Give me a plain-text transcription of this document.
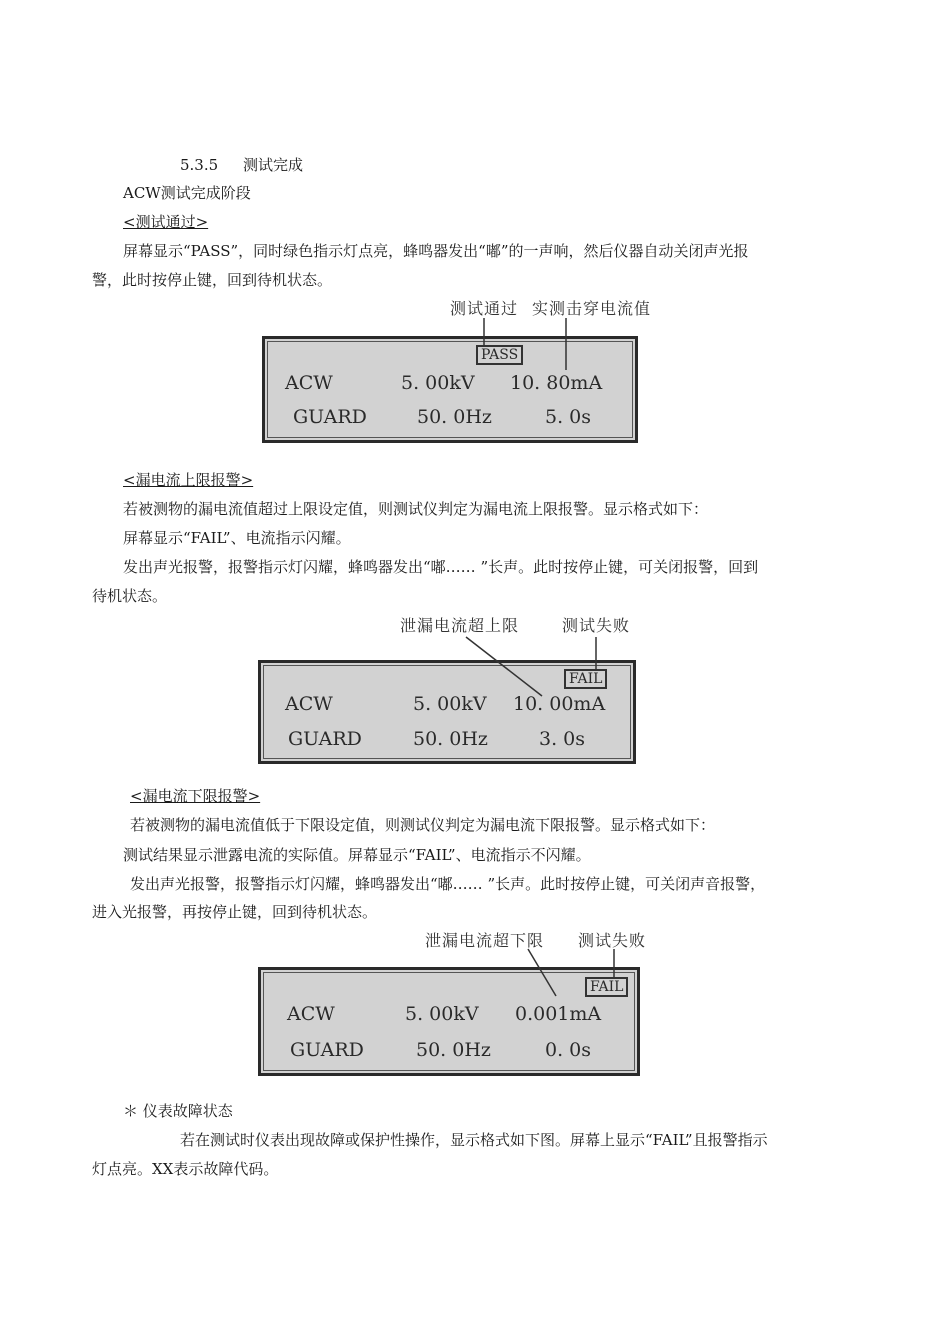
5.3.5 测试完成
ACW测试完成阶段
<测试通过>
屏幕显示“PASS”，同时绿色指示灯点亮，蜂鸣器发出“嘟”的一声响，然后仪器自动关闭声光报
警，此时按停止键，回到待机状态。
测试通过 实测击穿电流值
PASS
ACW	5. 00kV 10. 80mA
GUARD	50. 0Hz	5. 0s
<漏电流上限报警>
若被测物的漏电流值超过上限设定值，则测试仪判定为漏电流上限报警。显示格式如下：
屏幕显示“FAIL”、电流指示闪耀。
发出声光报警，报警指示灯闪耀，蜂鸣器发出“嘟…… ”长声。此时按停止键，可关闭报警，回到
待机状态。
泄漏电流超上限	测试失败
FAIL
ACW	5. 00kV 10. 00mA
GUARD	50. 0Hz	3. 0s
<漏电流下限报警>
若被测物的漏电流值低于下限设定值，则测试仪判定为漏电流下限报警。显示格式如下：
测试结果显示泄露电流的实际值。屏幕显示“FAIL”、电流指示不闪耀。
发出声光报警，报警指示灯闪耀，蜂鸣器发出“嘟…… ”长声。此时按停止键，可关闭声音报警，
进入光报警，再按停止键，回到待机状态。
泄漏电流超下限 测试失败
FAIL
ACW	5. 00kV 0.001mA
GUARD	50. 0Hz	0. 0s
＊ 仪表故障状态
若在测试时仪表出现故障或保护性操作，显示格式如下图。屏幕上显示“FAIL”且报警指示
灯点亮。XX表示故障代码。
